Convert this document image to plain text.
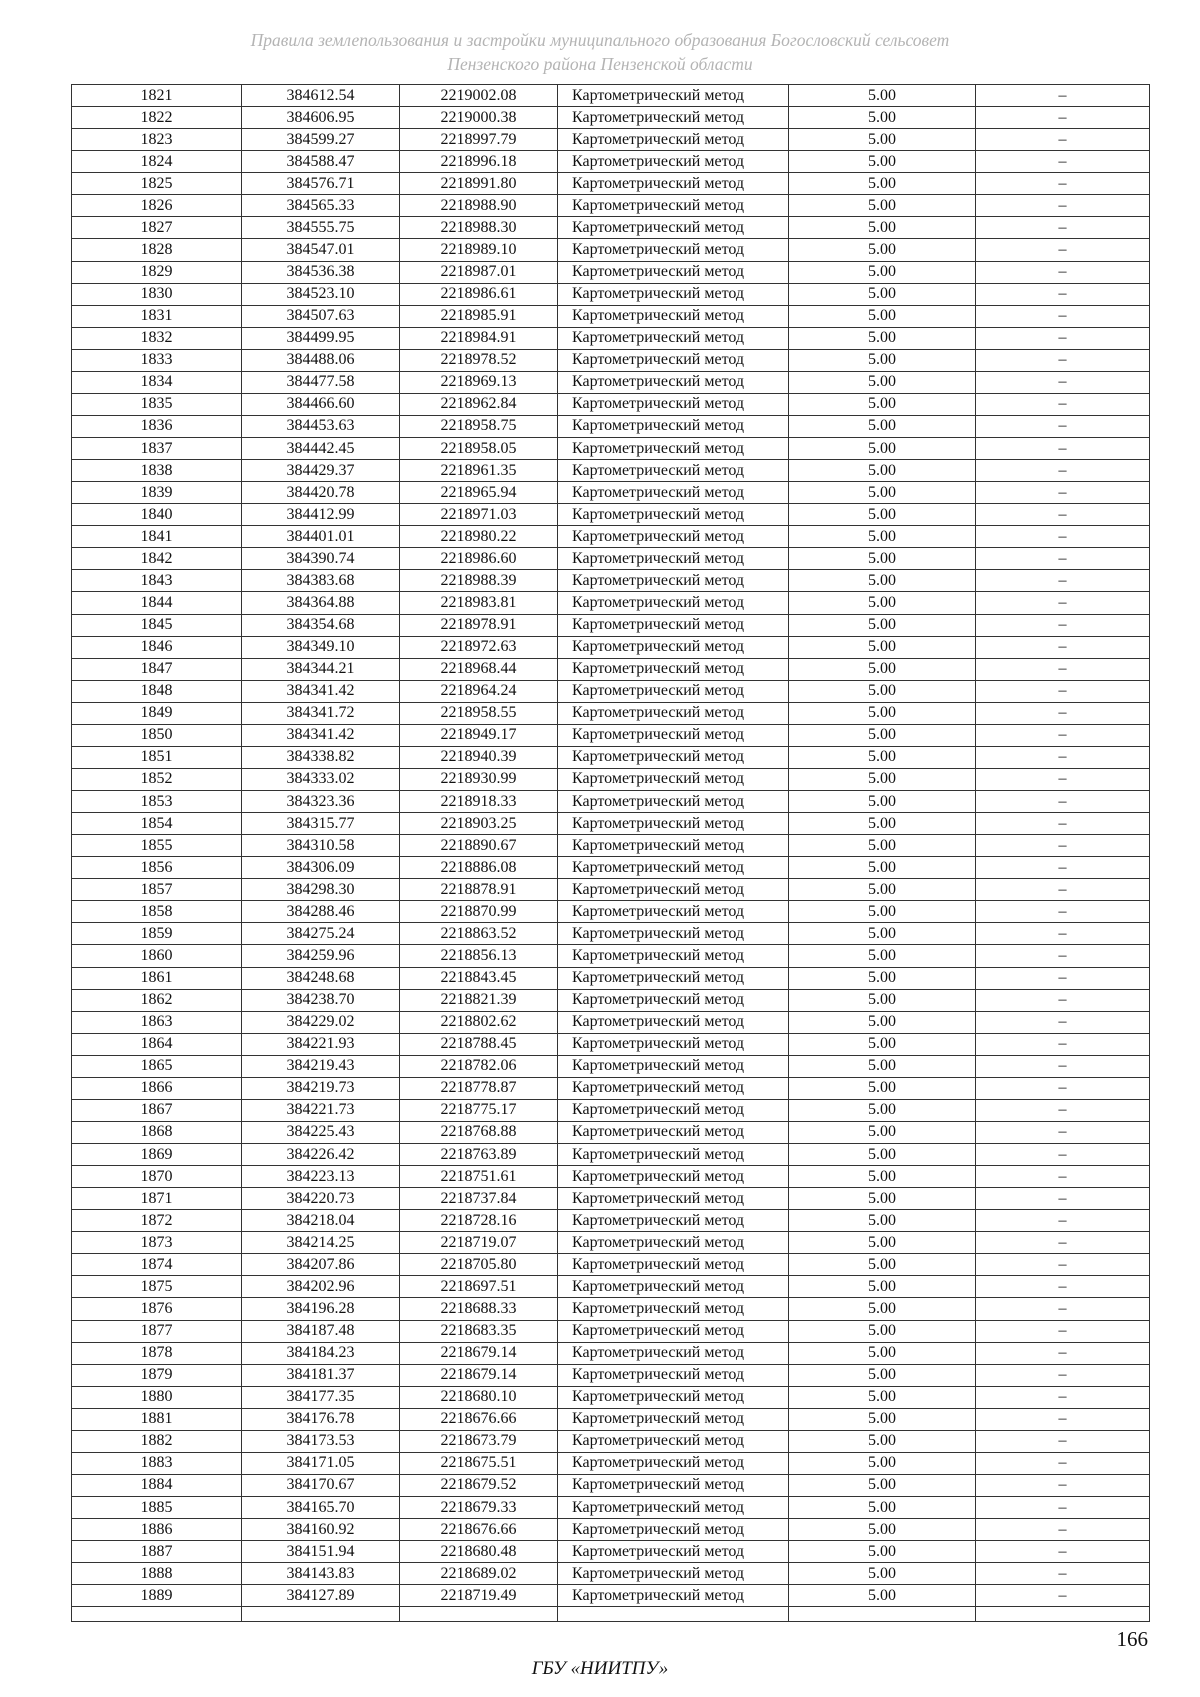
Правила землепользования и застройки муниципального образования Богословский сельсовет
Пензенского района Пензенской области
1821	384612.54	2219002.08	Картометрический метод	5.00	–
1822	384606.95	2219000.38	Картометрический метод	5.00	–
1823	384599.27	2218997.79	Картометрический метод	5.00	–
1824	384588.47	2218996.18	Картометрический метод	5.00	–
1825	384576.71	2218991.80	Картометрический метод	5.00	–
1826	384565.33	2218988.90	Картометрический метод	5.00	–
1827	384555.75	2218988.30	Картометрический метод	5.00	–
1828	384547.01	2218989.10	Картометрический метод	5.00	–
1829	384536.38	2218987.01	Картометрический метод	5.00	–
1830	384523.10	2218986.61	Картометрический метод	5.00	–
1831	384507.63	2218985.91	Картометрический метод	5.00	–
1832	384499.95	2218984.91	Картометрический метод	5.00	–
1833	384488.06	2218978.52	Картометрический метод	5.00	–
1834	384477.58	2218969.13	Картометрический метод	5.00	–
1835	384466.60	2218962.84	Картометрический метод	5.00	–
1836	384453.63	2218958.75	Картометрический метод	5.00	–
1837	384442.45	2218958.05	Картометрический метод	5.00	–
1838	384429.37	2218961.35	Картометрический метод	5.00	–
1839	384420.78	2218965.94	Картометрический метод	5.00	–
1840	384412.99	2218971.03	Картометрический метод	5.00	–
1841	384401.01	2218980.22	Картометрический метод	5.00	–
1842	384390.74	2218986.60	Картометрический метод	5.00	–
1843	384383.68	2218988.39	Картометрический метод	5.00	–
1844	384364.88	2218983.81	Картометрический метод	5.00	–
1845	384354.68	2218978.91	Картометрический метод	5.00	–
1846	384349.10	2218972.63	Картометрический метод	5.00	–
1847	384344.21	2218968.44	Картометрический метод	5.00	–
1848	384341.42	2218964.24	Картометрический метод	5.00	–
1849	384341.72	2218958.55	Картометрический метод	5.00	–
1850	384341.42	2218949.17	Картометрический метод	5.00	–
1851	384338.82	2218940.39	Картометрический метод	5.00	–
1852	384333.02	2218930.99	Картометрический метод	5.00	–
1853	384323.36	2218918.33	Картометрический метод	5.00	–
1854	384315.77	2218903.25	Картометрический метод	5.00	–
1855	384310.58	2218890.67	Картометрический метод	5.00	–
1856	384306.09	2218886.08	Картометрический метод	5.00	–
1857	384298.30	2218878.91	Картометрический метод	5.00	–
1858	384288.46	2218870.99	Картометрический метод	5.00	–
1859	384275.24	2218863.52	Картометрический метод	5.00	–
1860	384259.96	2218856.13	Картометрический метод	5.00	–
1861	384248.68	2218843.45	Картометрический метод	5.00	–
1862	384238.70	2218821.39	Картометрический метод	5.00	–
1863	384229.02	2218802.62	Картометрический метод	5.00	–
1864	384221.93	2218788.45	Картометрический метод	5.00	–
1865	384219.43	2218782.06	Картометрический метод	5.00	–
1866	384219.73	2218778.87	Картометрический метод	5.00	–
1867	384221.73	2218775.17	Картометрический метод	5.00	–
1868	384225.43	2218768.88	Картометрический метод	5.00	–
1869	384226.42	2218763.89	Картометрический метод	5.00	–
1870	384223.13	2218751.61	Картометрический метод	5.00	–
1871	384220.73	2218737.84	Картометрический метод	5.00	–
1872	384218.04	2218728.16	Картометрический метод	5.00	–
1873	384214.25	2218719.07	Картометрический метод	5.00	–
1874	384207.86	2218705.80	Картометрический метод	5.00	–
1875	384202.96	2218697.51	Картометрический метод	5.00	–
1876	384196.28	2218688.33	Картометрический метод	5.00	–
1877	384187.48	2218683.35	Картометрический метод	5.00	–
1878	384184.23	2218679.14	Картометрический метод	5.00	–
1879	384181.37	2218679.14	Картометрический метод	5.00	–
1880	384177.35	2218680.10	Картометрический метод	5.00	–
1881	384176.78	2218676.66	Картометрический метод	5.00	–
1882	384173.53	2218673.79	Картометрический метод	5.00	–
1883	384171.05	2218675.51	Картометрический метод	5.00	–
1884	384170.67	2218679.52	Картометрический метод	5.00	–
1885	384165.70	2218679.33	Картометрический метод	5.00	–
1886	384160.92	2218676.66	Картометрический метод	5.00	–
1887	384151.94	2218680.48	Картометрический метод	5.00	–
1888	384143.83	2218689.02	Картометрический метод	5.00	–
1889	384127.89	2218719.49	Картометрический метод	5.00	–

166
ГБУ «НИИТПУ»
